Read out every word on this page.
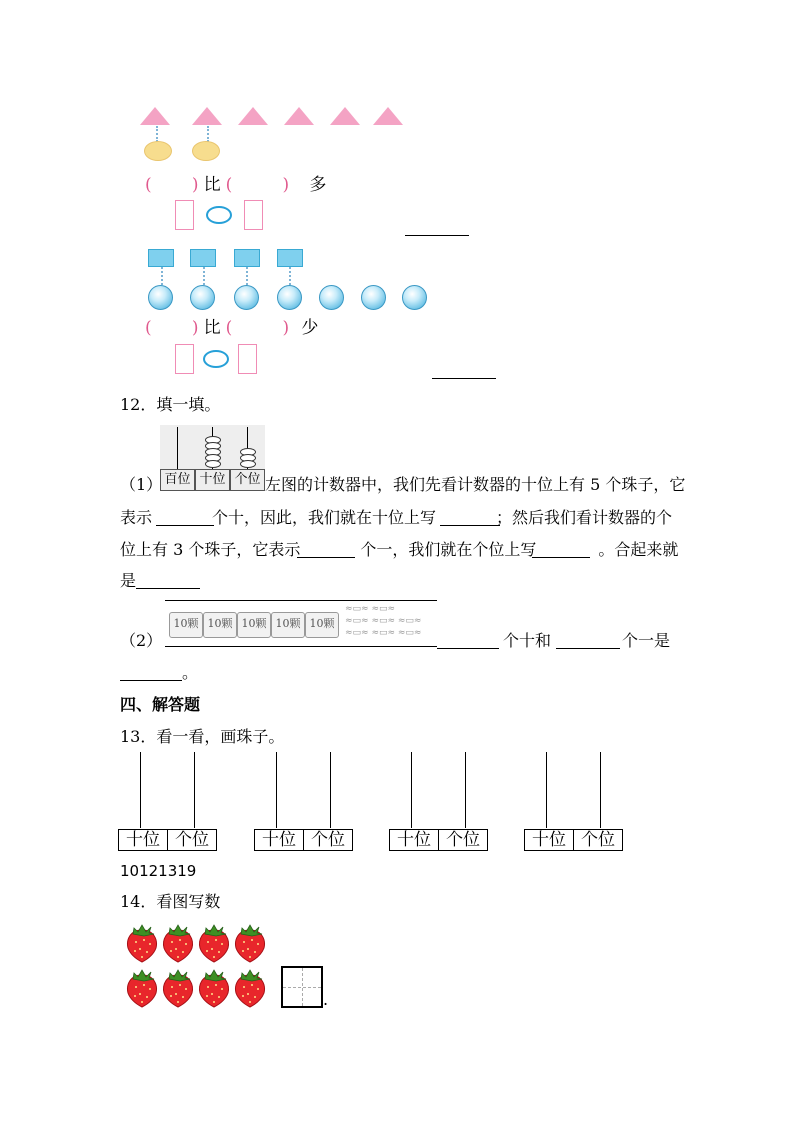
( ) 比 (	) 多
( ) 比 (	) 少
12．填一填。
百位 十位 个位
（1）	左图的计数器中，我们先看计数器的十位上有 5 个珠子，它
表示	个十，因此，我们就在十位上写	；然后我们看计数器的个
位上有 3 个珠子，它表示	个一，我们就在个位上写	。合起来就
是
（2）
10颗 10颗 10颗 10颗 10颗
≈▭≈ ≈▭≈
≈▭≈ ≈▭≈ ≈▭≈
≈▭≈ ≈▭≈ ≈▭≈	个十和	个一是
。
四、解答题
13．看一看，画珠子。
十位 个位	十位 个位	十位 个位	十位 个位
10121319
14．看图写数
.
